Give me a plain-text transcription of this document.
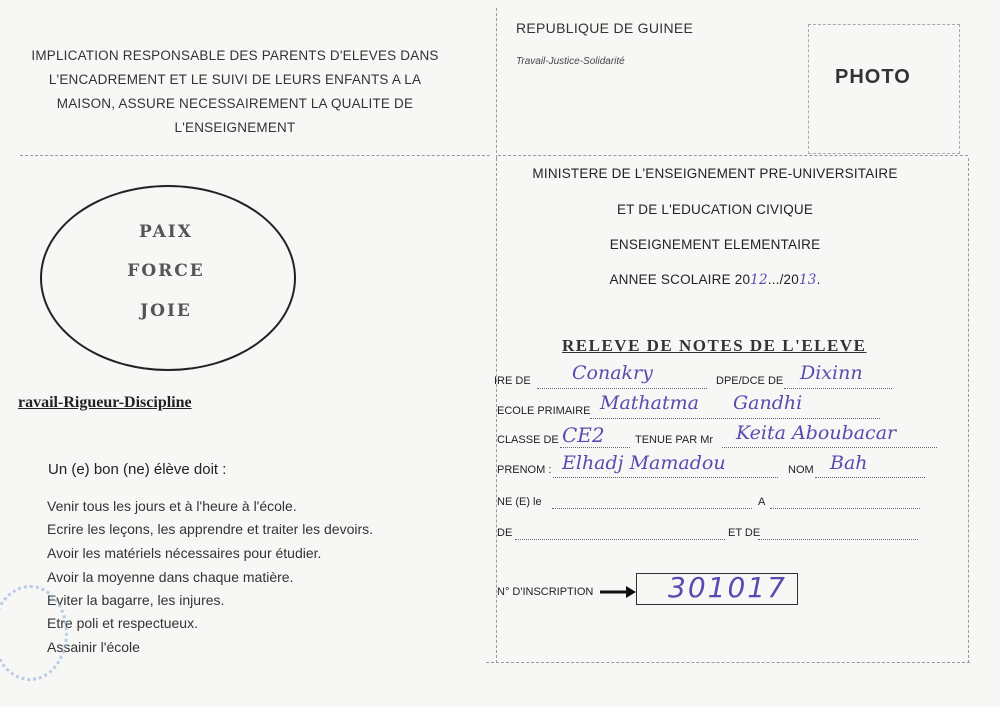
IMPLICATION RESPONSABLE DES PARENTS D'ELEVES DANS
L'ENCADREMENT ET LE SUIVI DE LEURS ENFANTS A LA
MAISON, ASSURE NECESSAIREMENT LA QUALITE DE
L'ENSEIGNEMENT
PAIX
FORCE
JOIE
ravail-Rigueur-Discipline
Un (e) bon (ne) élève doit :
Venir tous les jours et à l'heure à l'école.
Ecrire les leçons, les apprendre et traiter les devoirs.
Avoir les matériels nécessaires pour étudier.
Avoir la moyenne dans chaque matière.
Eviter la bagarre, les injures.
Etre poli et respectueux.
Assainir l'école
REPUBLIQUE DE GUINEE
Travail-Justice-Solidarité
PHOTO
MINISTERE DE L'ENSEIGNEMENT PRE-UNIVERSITAIRE
ET DE L'EDUCATION CIVIQUE
ENSEIGNEMENT ELEMENTAIRE
ANNEE SCOLAIRE 2012.../2013.
RELEVE DE NOTES DE L'ELEVE
IRE DE Conakry	DPE/DCE DE Dixinn
ECOLE PRIMAIRE Mathatma Gandhi
CLASSE DE CE2	TENUE PAR Mr Keita Aboubacar
PRENOM : Elhadj Mamadou	NOM Bah
NE (E) le	A
DE	ET DE
N° D'INSCRIPTION	301017
